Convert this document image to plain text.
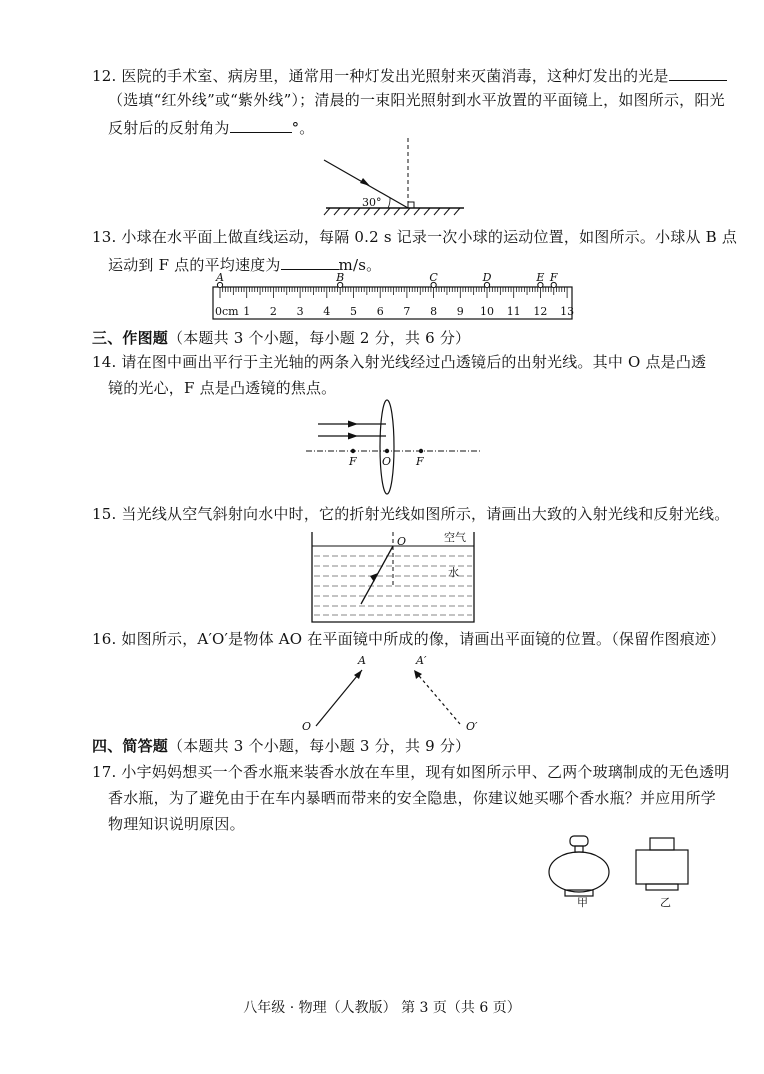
12. 医院的手术室、病房里，通常用一种灯发出光照射来灭菌消毒，这种灯发出的光是
（选填“红外线”或“紫外线”）；清晨的一束阳光照射到水平放置的平面镜上，如图所示，阳光
反射后的反射角为	°。
30°
13. 小球在水平面上做直线运动，每隔 0.2 s 记录一次小球的运动位置，如图所示。小球从 B 点
运动到 F 点的平均速度为	m/s。
0cm 1 2 3 4 5 6 7 8 9 10 11 12 13
A	B	C	D	E F
三、作图题（本题共 3 个小题，每小题 2 分，共 6 分）
14. 请在图中画出平行于主光轴的两条入射光线经过凸透镜后的出射光线。其中 O 点是凸透
镜的光心，F 点是凸透镜的焦点。
F O F
15. 当光线从空气斜射向水中时，它的折射光线如图所示，请画出大致的入射光线和反射光线。
O	空气
水
16. 如图所示，A′O′是物体 AO 在平面镜中所成的像，请画出平面镜的位置。（保留作图痕迹）
A	A′
O	O′
四、简答题（本题共 3 个小题，每小题 3 分，共 9 分）
17. 小宇妈妈想买一个香水瓶来装香水放在车里，现有如图所示甲、乙两个玻璃制成的无色透明
香水瓶，为了避免由于在车内暴晒而带来的安全隐患，你建议她买哪个香水瓶？并应用所学
物理知识说明原因。
甲	乙
八年级 · 物理（人教版） 第 3 页（共 6 页）
